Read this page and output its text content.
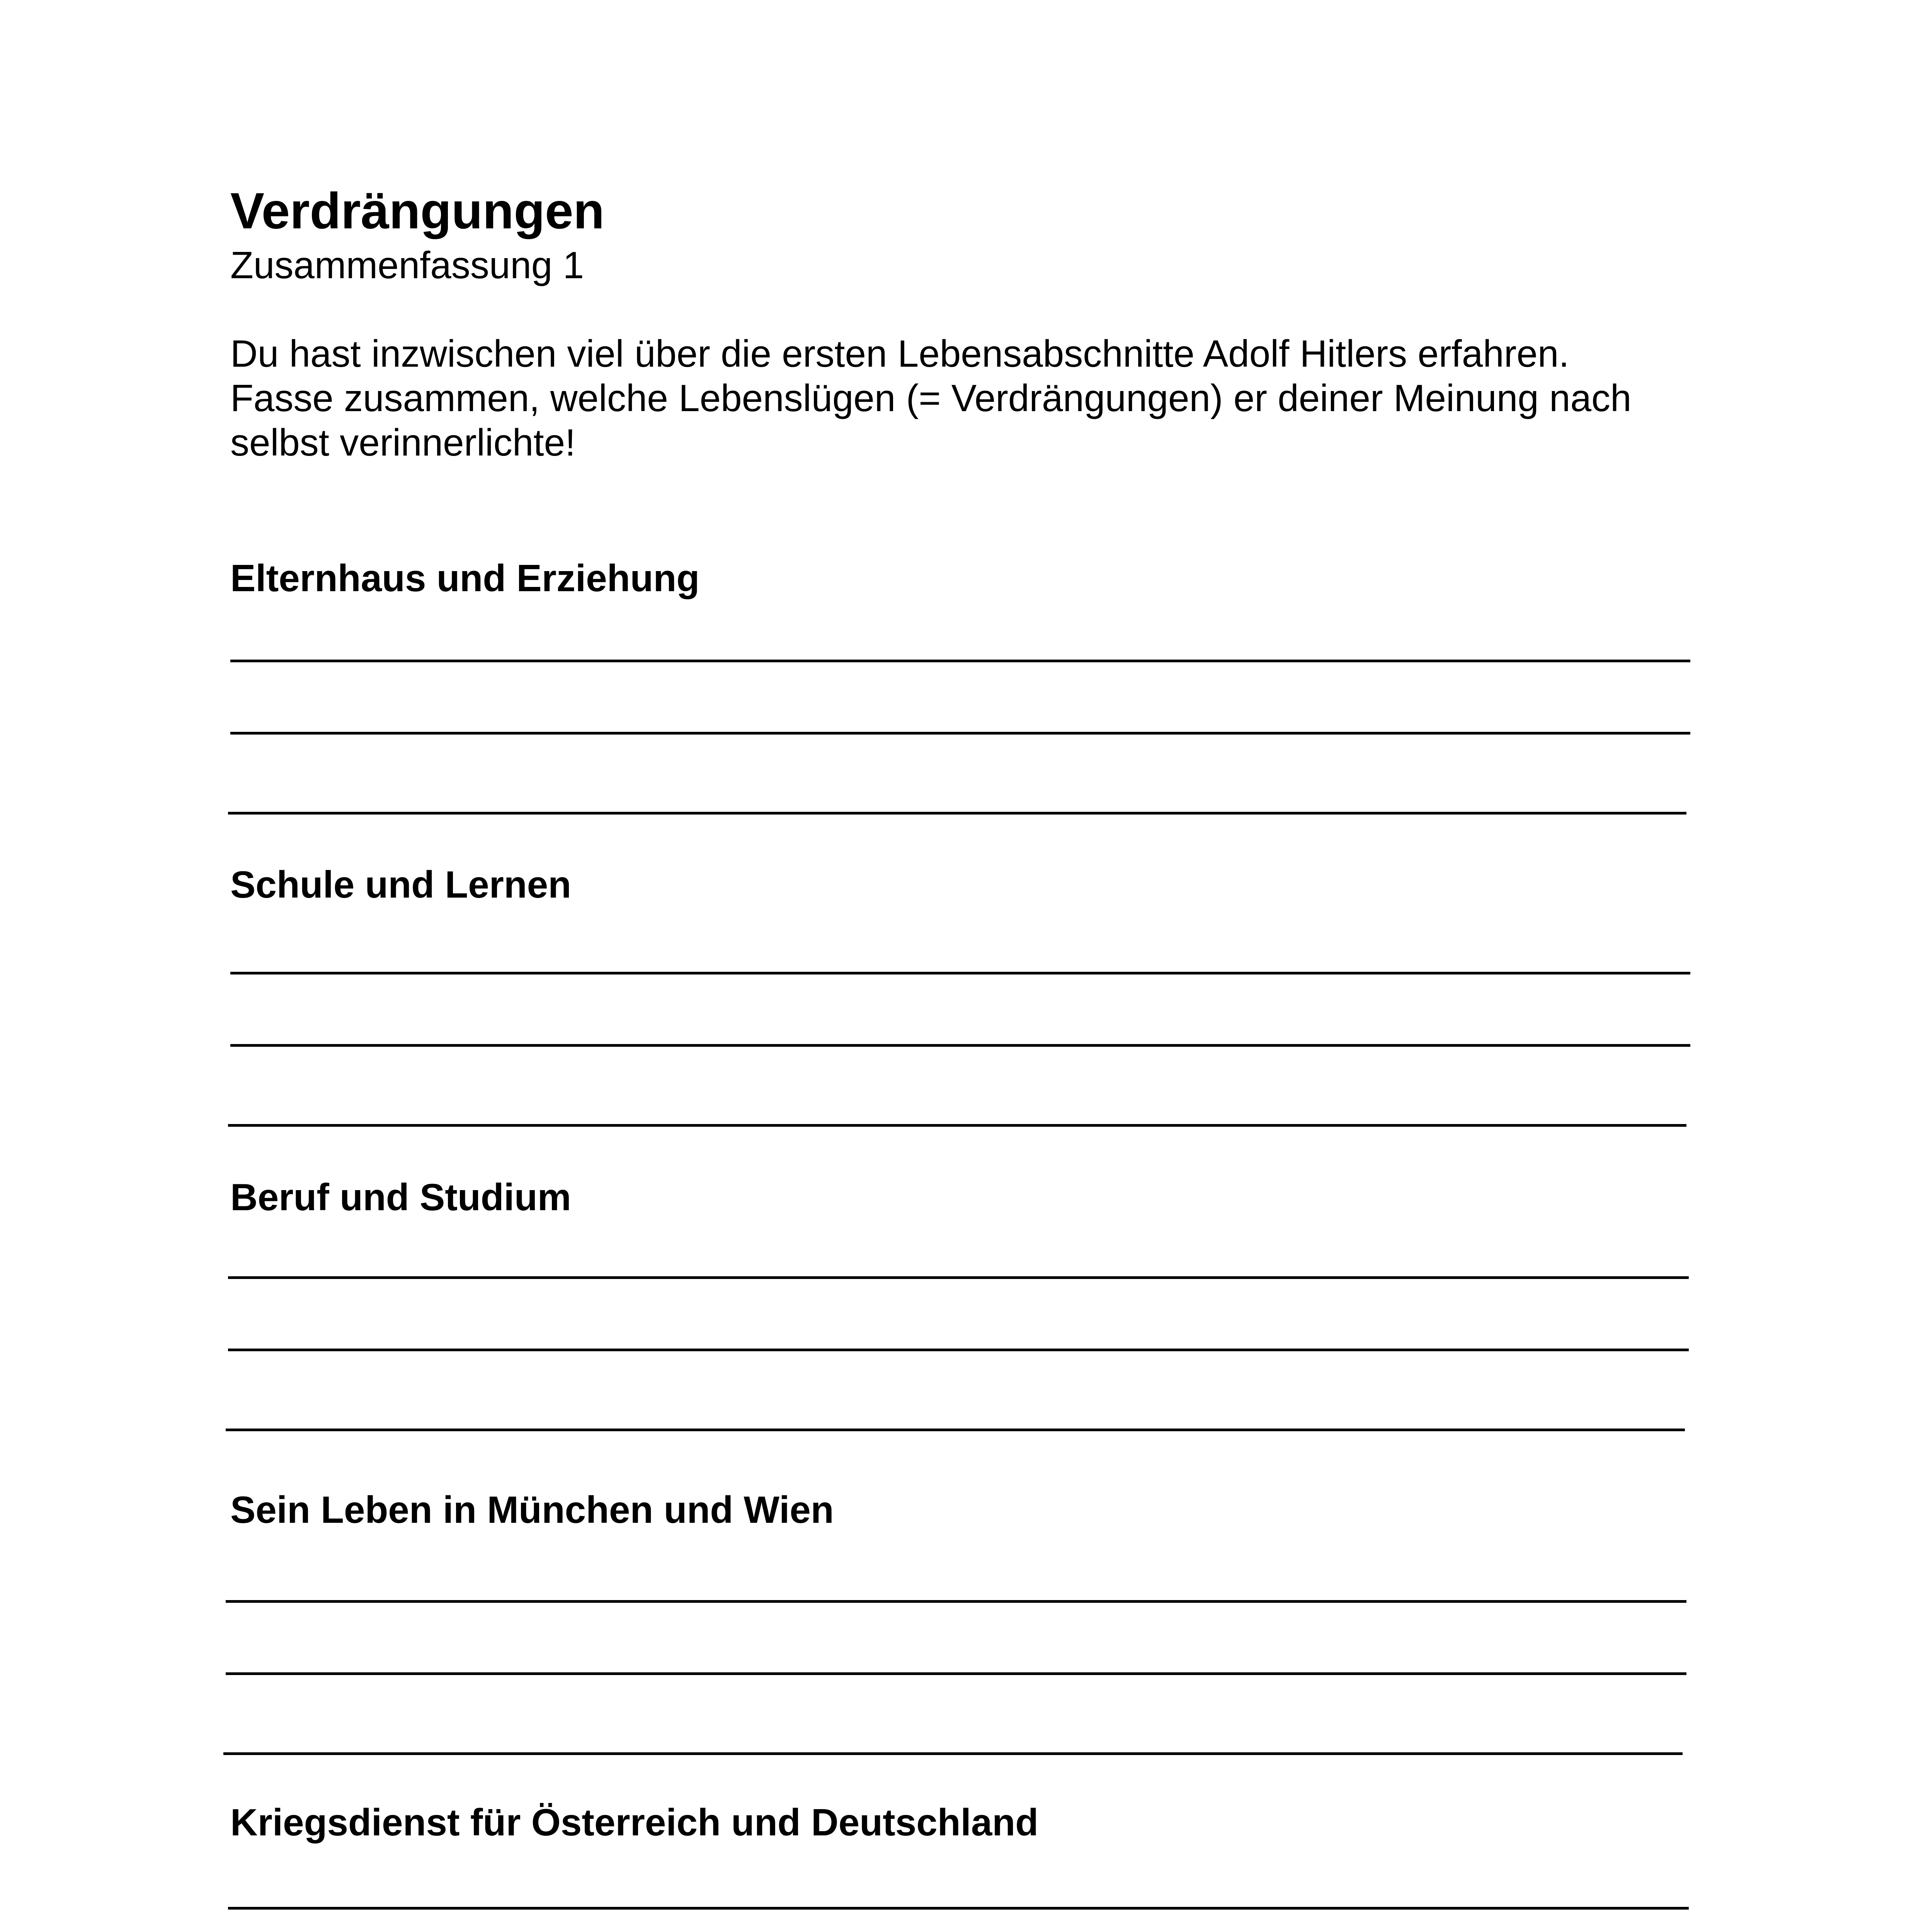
Verdrängungen
Zusammenfassung 1

Du hast inzwischen viel über die ersten Lebensabschnitte Adolf Hitlers erfahren.

Fasse zusammen, welche Lebenslügen (= Verdrängungen) er deiner Meinung nach

selbst verinnerlichte!

Elternhaus und Erziehung
Schule und Lernen
Beruf und Studium
Sein Leben in München und Wien
Kriegsdienst für Österreich und Deutschland
